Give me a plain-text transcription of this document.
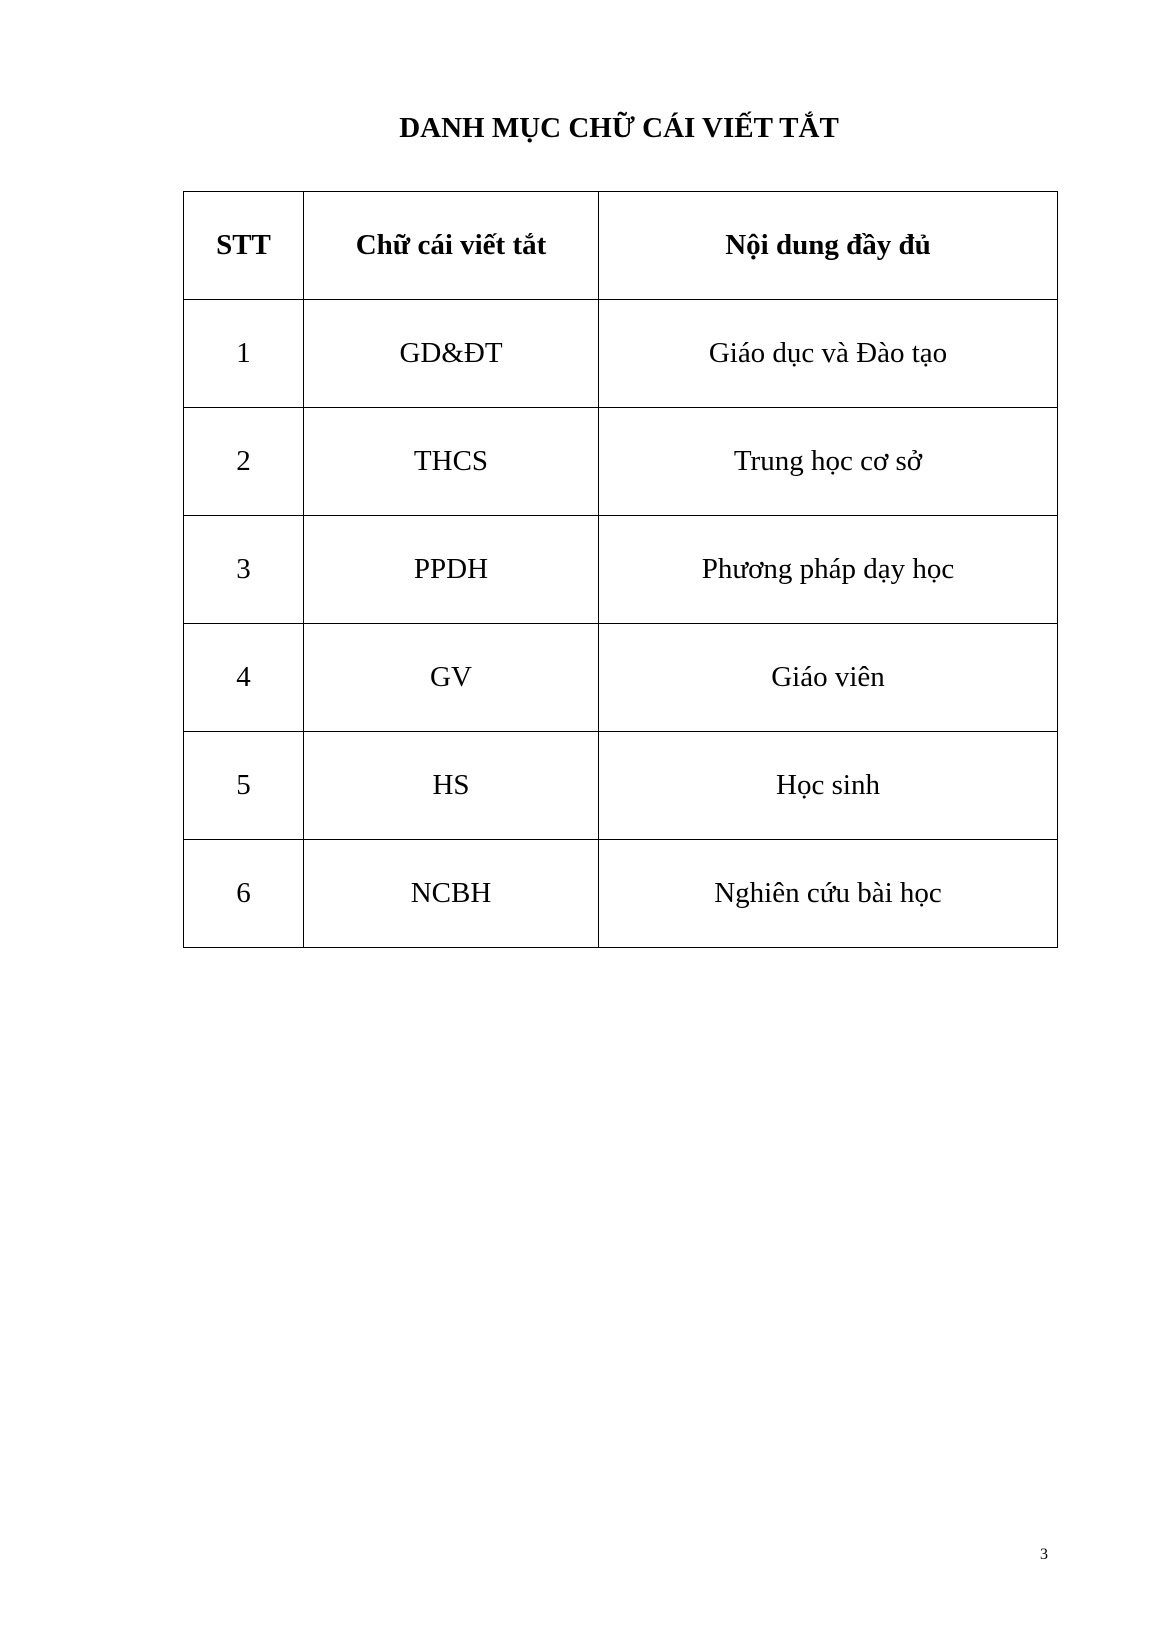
DANH MỤC CHỮ CÁI VIẾT TẮT
STT	Chữ cái viết tắt	Nội dung đầy đủ
1	GD&ĐT	Giáo dục và Đào tạo
2	THCS	Trung học cơ sở
3	PPDH	Phương pháp dạy học
4	GV	Giáo viên
5	HS	Học sinh
6	NCBH	Nghiên cứu bài học
3
